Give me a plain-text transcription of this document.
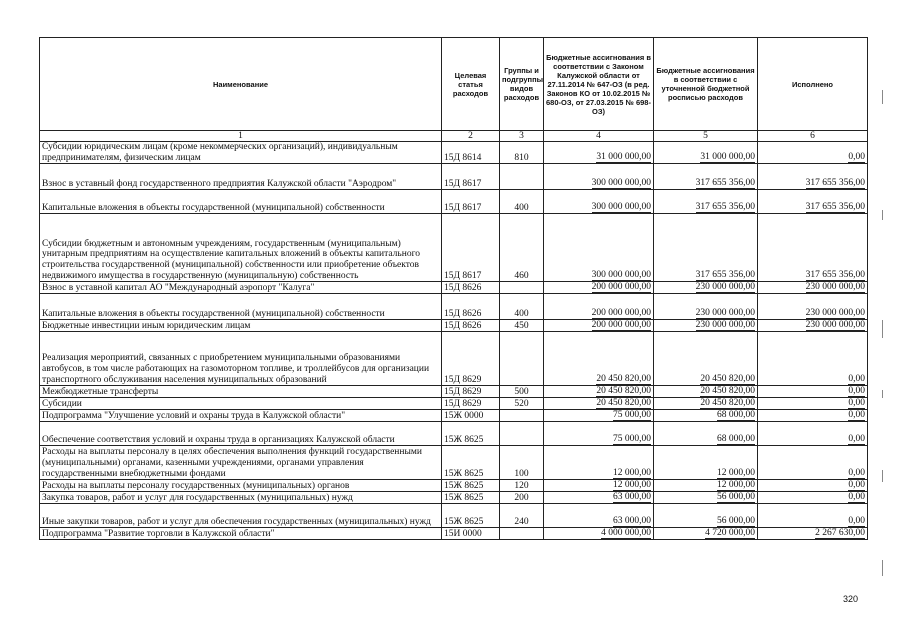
Наименование	Целевая статья расходов	Группы и подгруппы видов расходов	Бюджетные ассигнования в соответствии с Законом Калужской области от 27.11.2014 № 647-ОЗ (в ред. Законов КО от 10.02.2015 № 680-ОЗ, от 27.03.2015 № 698-ОЗ)	Бюджетные ассигнования в соответствии с уточненной бюджетной росписью расходов	Исполнено
1	2	3	4	5	6
Субсидии юридическим лицам (кроме некоммерческих организаций), индивидуальным предпринимателям, физическим лицам	15Д 8614	810	31 000 000,00	31 000 000,00	0,00
Взнос в уставный фонд государственного предприятия Калужской области "Аэродром"	15Д 8617		300 000 000,00	317 655 356,00	317 655 356,00
Капитальные вложения в объекты государственной (муниципальной) собственности	15Д 8617	400	300 000 000,00	317 655 356,00	317 655 356,00
Субсидии бюджетным и автономным учреждениям, государственным (муниципальным) унитарным предприятиям на осуществление капитальных вложений в объекты капитального строительства государственной (муниципальной) собственности или приобретение объектов недвижимого имущества в государственную (муниципальную) собственность	15Д 8617	460	300 000 000,00	317 655 356,00	317 655 356,00
Взнос в уставной капитал АО "Международный аэропорт "Калуга"	15Д 8626		200 000 000,00	230 000 000,00	230 000 000,00
Капитальные вложения в объекты государственной (муниципальной) собственности	15Д 8626	400	200 000 000,00	230 000 000,00	230 000 000,00
Бюджетные инвестиции иным юридическим лицам	15Д 8626	450	200 000 000,00	230 000 000,00	230 000 000,00
Реализация мероприятий, связанных с приобретением муниципальными образованиями автобусов, в том числе работающих на газомоторном топливе, и троллейбусов для организации транспортного обслуживания населения муниципальных образований	15Д 8629		20 450 820,00	20 450 820,00	0,00
Межбюджетные трансферты	15Д 8629	500	20 450 820,00	20 450 820,00	0,00
Субсидии	15Д 8629	520	20 450 820,00	20 450 820,00	0,00
Подпрограмма "Улучшение условий и охраны труда в Калужской области"	15Ж 0000		75 000,00	68 000,00	0,00
Обеспечение соответствия условий и охраны труда в организациях Калужской области	15Ж 8625		75 000,00	68 000,00	0,00
Расходы на выплаты персоналу в целях обеспечения выполнения функций государственными (муниципальными) органами, казенными учреждениями, органами управления государственными внебюджетными фондами	15Ж 8625	100	12 000,00	12 000,00	0,00
Расходы на выплаты персоналу государственных (муниципальных) органов	15Ж 8625	120	12 000,00	12 000,00	0,00
Закупка товаров, работ и услуг для государственных (муниципальных) нужд	15Ж 8625	200	63 000,00	56 000,00	0,00
Иные закупки товаров, работ и услуг для обеспечения государственных (муниципальных) нужд	15Ж 8625	240	63 000,00	56 000,00	0,00
Подпрограмма "Развитие торговли в Калужской области"	15И 0000		4 000 000,00	4 720 000,00	2 267 630,00
320
